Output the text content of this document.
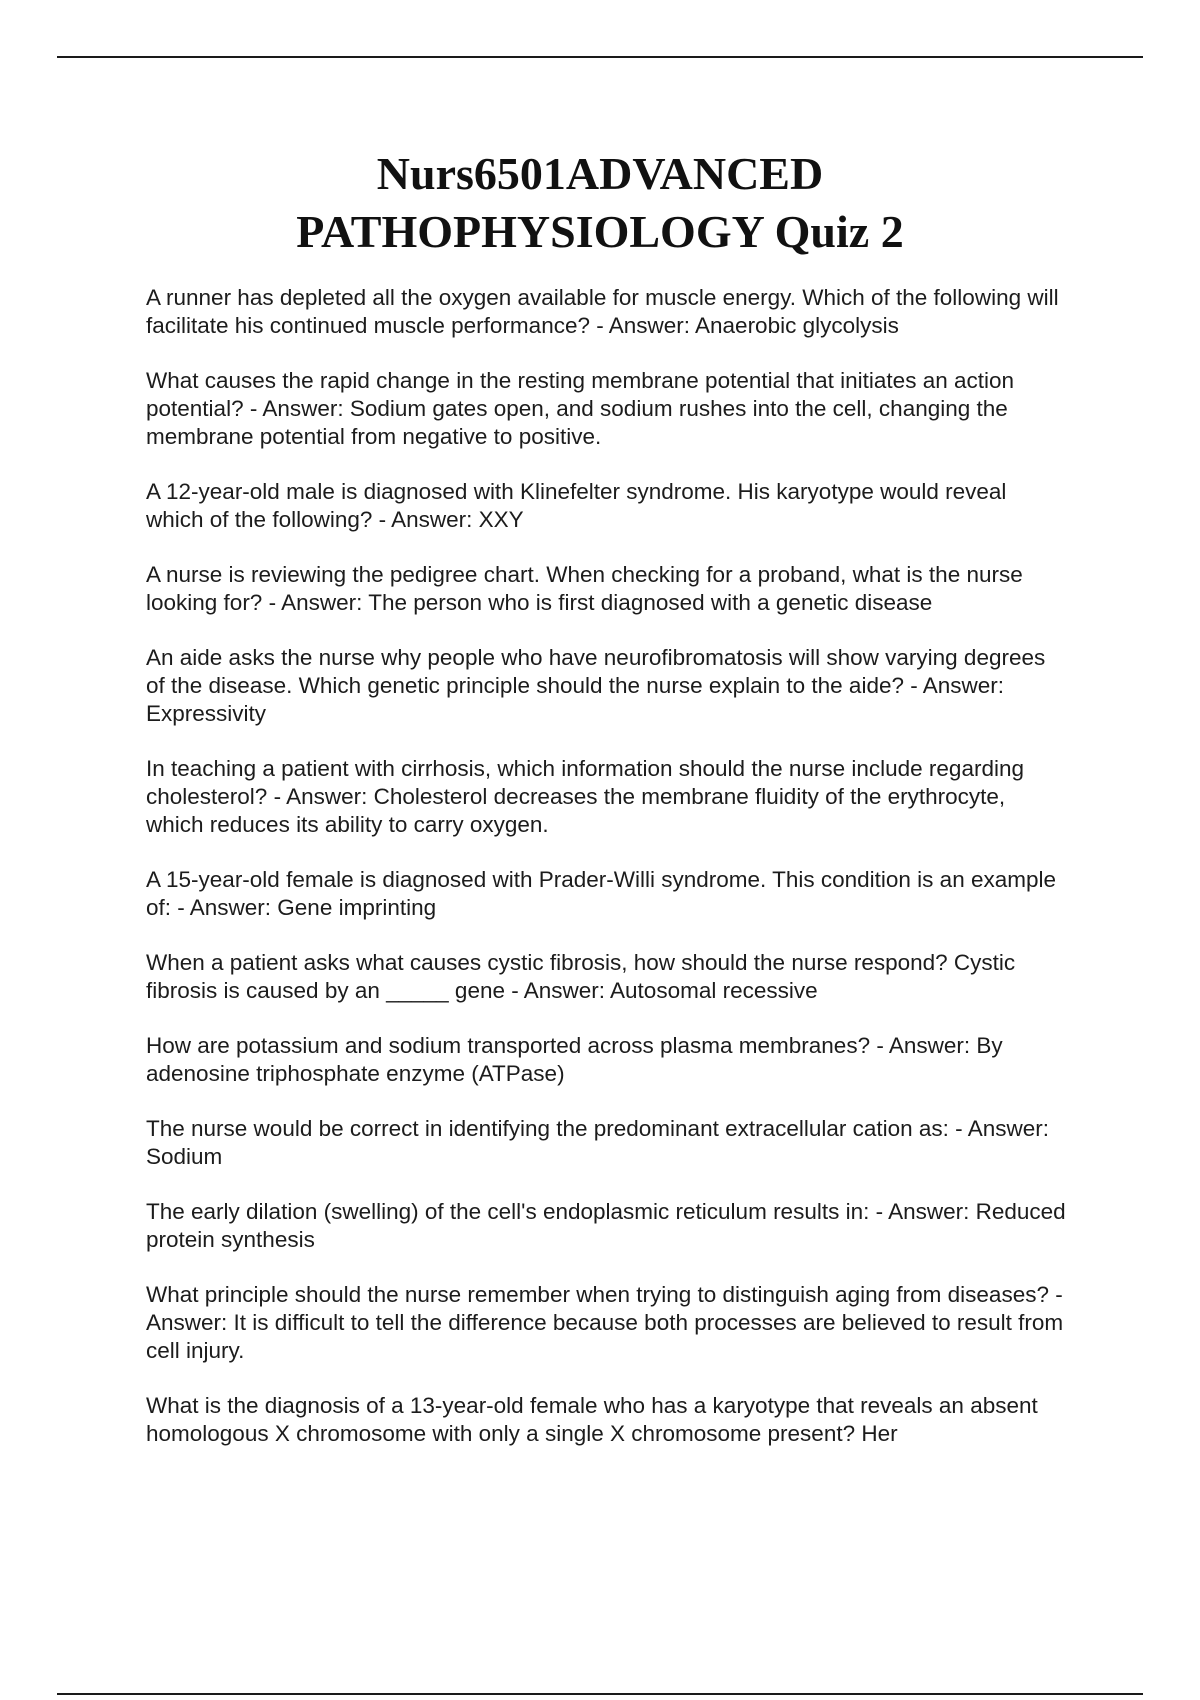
Nurs6501ADVANCED
PATHOPHYSIOLOGY Quiz 2
A runner has depleted all the oxygen available for muscle energy. Which of the following will facilitate his continued muscle performance? - Answer: Anaerobic glycolysis
What causes the rapid change in the resting membrane potential that initiates an action potential? - Answer: Sodium gates open, and sodium rushes into the cell, changing the membrane potential from negative to positive.
A 12-year-old male is diagnosed with Klinefelter syndrome. His karyotype would reveal which of the following? - Answer: XXY
A nurse is reviewing the pedigree chart. When checking for a proband, what is the nurse looking for? - Answer: The person who is first diagnosed with a genetic disease
An aide asks the nurse why people who have neurofibromatosis will show varying degrees of the disease. Which genetic principle should the nurse explain to the aide? - Answer: Expressivity
In teaching a patient with cirrhosis, which information should the nurse include regarding cholesterol? - Answer: Cholesterol decreases the membrane fluidity of the erythrocyte, which reduces its ability to carry oxygen.
A 15-year-old female is diagnosed with Prader-Willi syndrome. This condition is an example of: - Answer: Gene imprinting
When a patient asks what causes cystic fibrosis, how should the nurse respond? Cystic fibrosis is caused by an _____ gene - Answer: Autosomal recessive
How are potassium and sodium transported across plasma membranes? - Answer: By adenosine triphosphate enzyme (ATPase)
The nurse would be correct in identifying the predominant extracellular cation as: - Answer: Sodium
The early dilation (swelling) of the cell's endoplasmic reticulum results in: - Answer: Reduced protein synthesis
What principle should the nurse remember when trying to distinguish aging from diseases? - Answer: It is difficult to tell the difference because both processes are believed to result from cell injury.
What is the diagnosis of a 13-year-old female who has a karyotype that reveals an absent homologous X chromosome with only a single X chromosome present? Her
